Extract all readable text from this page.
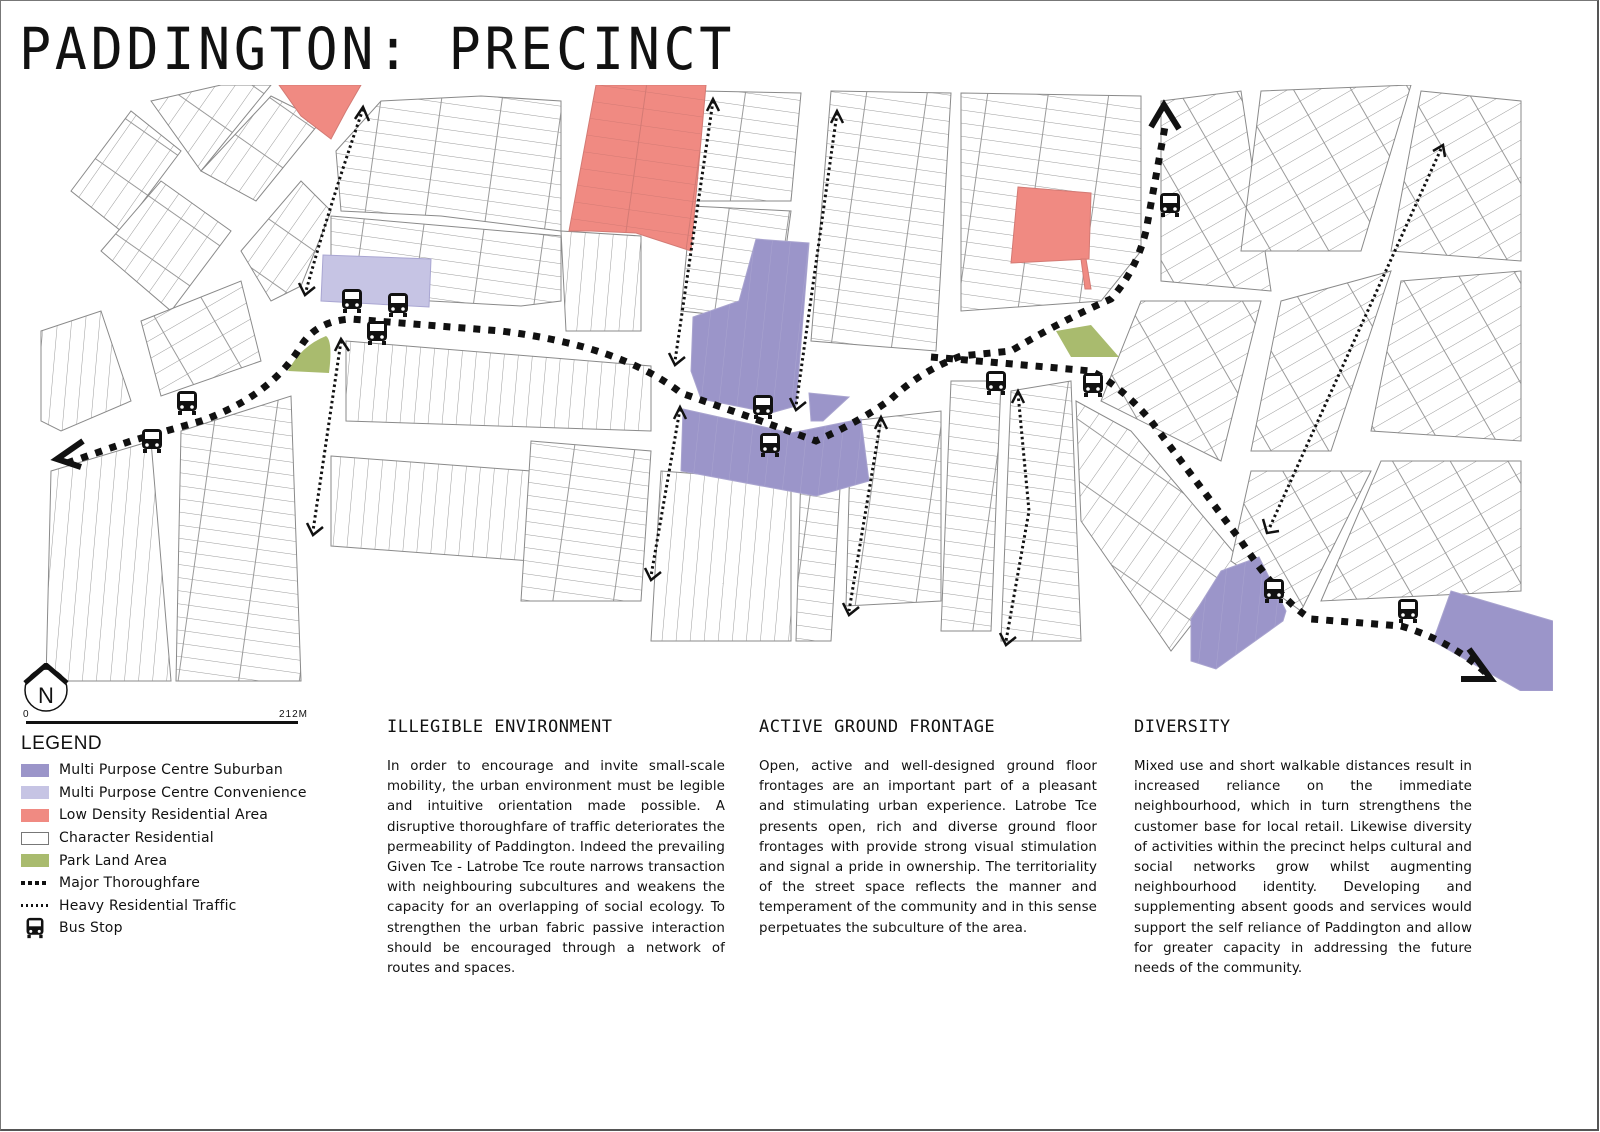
PADDINGTON: PRECINCT
N
0	212M
LEGEND
Multi Purpose Centre Suburban
Multi Purpose Centre Convenience
Low Density Residential Area
Character Residential
Park Land Area
Major Thoroughfare
Heavy Residential Traffic
Bus Stop
ILLEGIBLE ENVIRONMENT

In order to encourage and invite small-scale mobility, the urban environment must be legible and intuitive orientation made possible. A disruptive thoroughfare of traffic deteriorates the permeability of Paddington. Indeed the prevailing Given Tce - Latrobe Tce route narrows transaction with neighbouring subcultures and weakens the capacity for an overlapping of social ecology. To strengthen the urban fabric passive interaction should be encouraged through a network of routes and spaces.

ACTIVE GROUND FRONTAGE

Open, active and well-designed ground floor frontages are an important part of a pleasant and stimulating urban experience. Latrobe Tce presents open, rich and diverse ground floor frontages with provide strong visual stimulation and signal a pride in ownership. The territoriality of the street space reflects the manner and temperament of the community and in this sense perpetuates the subculture of the area.

DIVERSITY

Mixed use and short walkable distances result in increased reliance on the immediate neighbourhood, which in turn strengthens the customer base for local retail. Likewise diversity of activities within the precinct helps cultural and social networks grow whilst augmenting neighbourhood identity. Developing and supplementing absent goods and services would support the self reliance of Paddington and allow for greater capacity in addressing the future needs of the community.
